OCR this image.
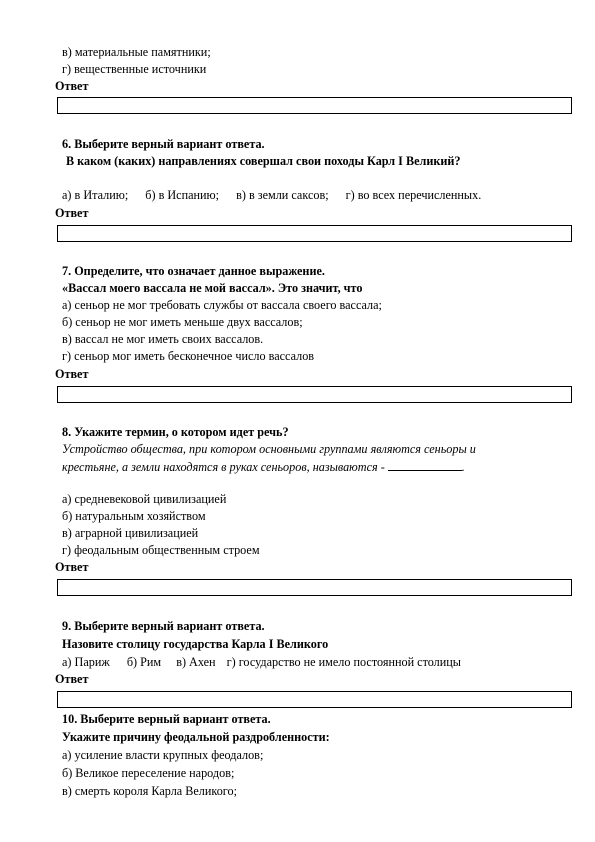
в) материальные памятники;
г) вещественные источники
Ответ
6. Выберите верный вариант ответа.
В каком (каких) направлениях совершал свои походы Карл I Великий?
а) в Италию; б) в Испанию; в) в земли саксов; г) во всех перечисленных.
Ответ
7. Определите, что означает данное выражение.
«Вассал моего вассала не мой вассал». Это значит, что
а) сеньор не мог требовать службы от вассала своего вассала;
б) сеньор не мог иметь меньше двух вассалов;
в) вассал не мог иметь своих вассалов.
г) сеньор мог иметь бесконечное число вассалов
Ответ
8. Укажите термин, о котором идет речь?
Устройство общества, при котором основными группами являются сеньоры и
крестьяне, а земли находятся в руках сеньоров, называются -	.
а) средневековой цивилизацией
б) натуральным хозяйством
в) аграрной цивилизацией
г) феодальным общественным строем
Ответ
9. Выберите верный вариант ответа.
Назовите столицу государства Карла I Великого
а) Париж б) Рим в) Ахен г) государство не имело постоянной столицы
Ответ
10. Выберите верный вариант ответа.
Укажите причину феодальной раздробленности:
а) усиление власти крупных феодалов;
б) Великое переселение народов;
в) смерть короля Карла Великого;
